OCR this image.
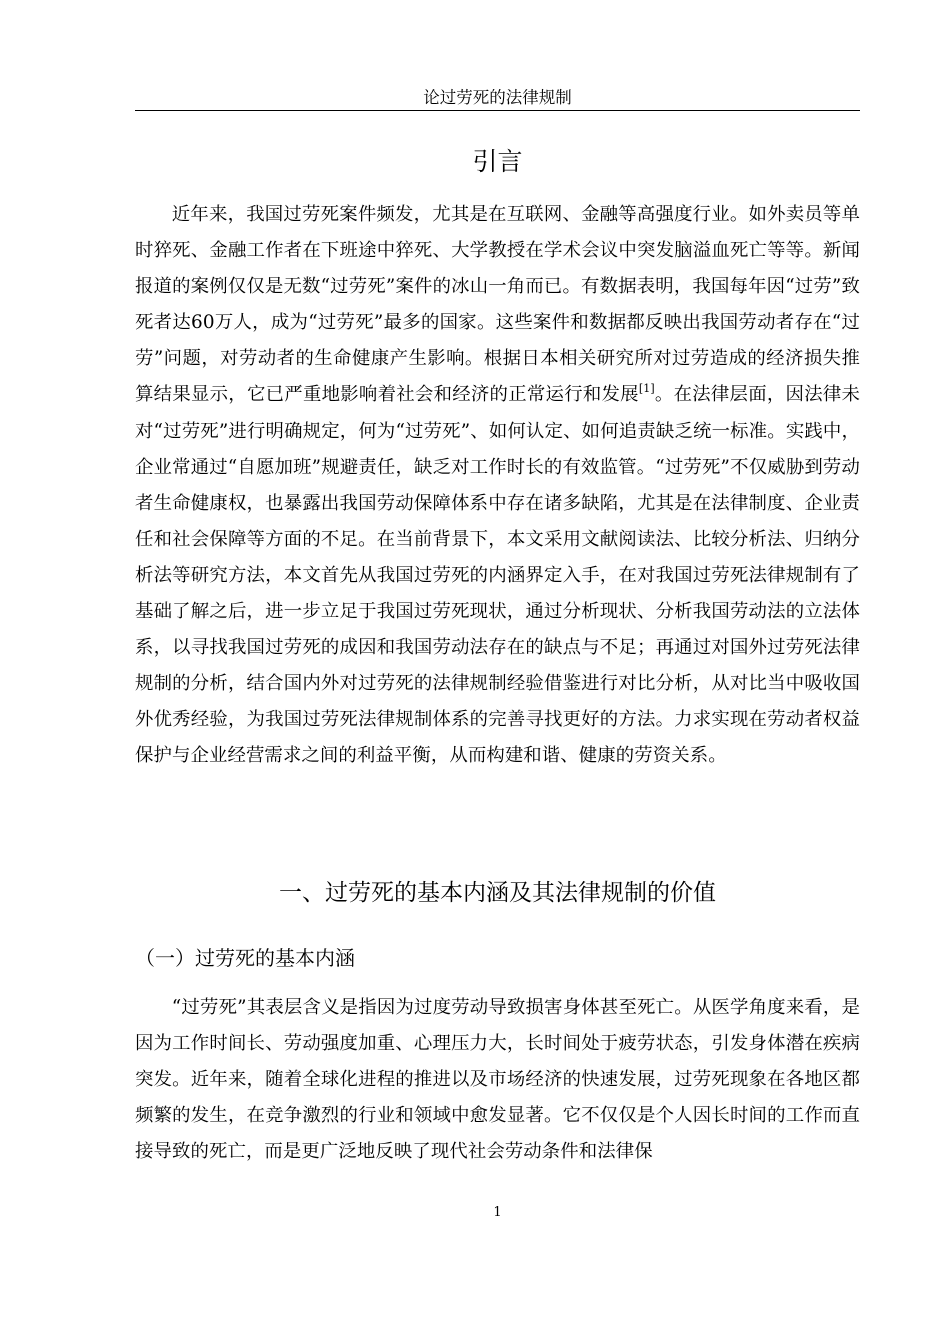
论过劳死的法律规制
引言

近年来，我国过劳死案件频发，尤其是在互联网、金融等高强度行业。如外卖员等单时猝死、金融工作者在下班途中猝死、大学教授在学术会议中突发脑溢血死亡等等。新闻报道的案例仅仅是无数“过劳死”案件的冰山一角而已。有数据表明，我国每年因“过劳”致死者达60万人，成为“过劳死”最多的国家。这些案件和数据都反映出我国劳动者存在“过劳”问题，对劳动者的生命健康产生影响。根据日本相关研究所对过劳造成的经济损失推算结果显示，它已严重地影响着社会和经济的正常运行和发展[1]。在法律层面，因法律未对“过劳死”进行明确规定，何为“过劳死”、如何认定、如何追责缺乏统一标准。实践中，企业常通过“自愿加班”规避责任，缺乏对工作时长的有效监管。“过劳死”不仅威胁到劳动者生命健康权，也暴露出我国劳动保障体系中存在诸多缺陷，尤其是在法律制度、企业责任和社会保障等方面的不足。在当前背景下，本文采用文献阅读法、比较分析法、归纳分析法等研究方法，本文首先从我国过劳死的内涵界定入手，在对我国过劳死法律规制有了基础了解之后，进一步立足于我国过劳死现状，通过分析现状、分析我国劳动法的立法体系，以寻找我国过劳死的成因和我国劳动法存在的缺点与不足；再通过对国外过劳死法律规制的分析，结合国内外对过劳死的法律规制经验借鉴进行对比分析，从对比当中吸收国外优秀经验，为我国过劳死法律规制体系的完善寻找更好的方法。力求实现在劳动者权益保护与企业经营需求之间的利益平衡，从而构建和谐、健康的劳资关系。

一、过劳死的基本内涵及其法律规制的价值
（一）过劳死的基本内涵

“过劳死”其表层含义是指因为过度劳动导致损害身体甚至死亡。从医学角度来看，是因为工作时间长、劳动强度加重、心理压力大，长时间处于疲劳状态，引发身体潜在疾病突发。近年来，随着全球化进程的推进以及市场经济的快速发展，过劳死现象在各地区都频繁的发生，在竞争激烈的行业和领域中愈发显著。它不仅仅是个人因长时间的工作而直接导致的死亡，而是更广泛地反映了现代社会劳动条件和法律保

1
